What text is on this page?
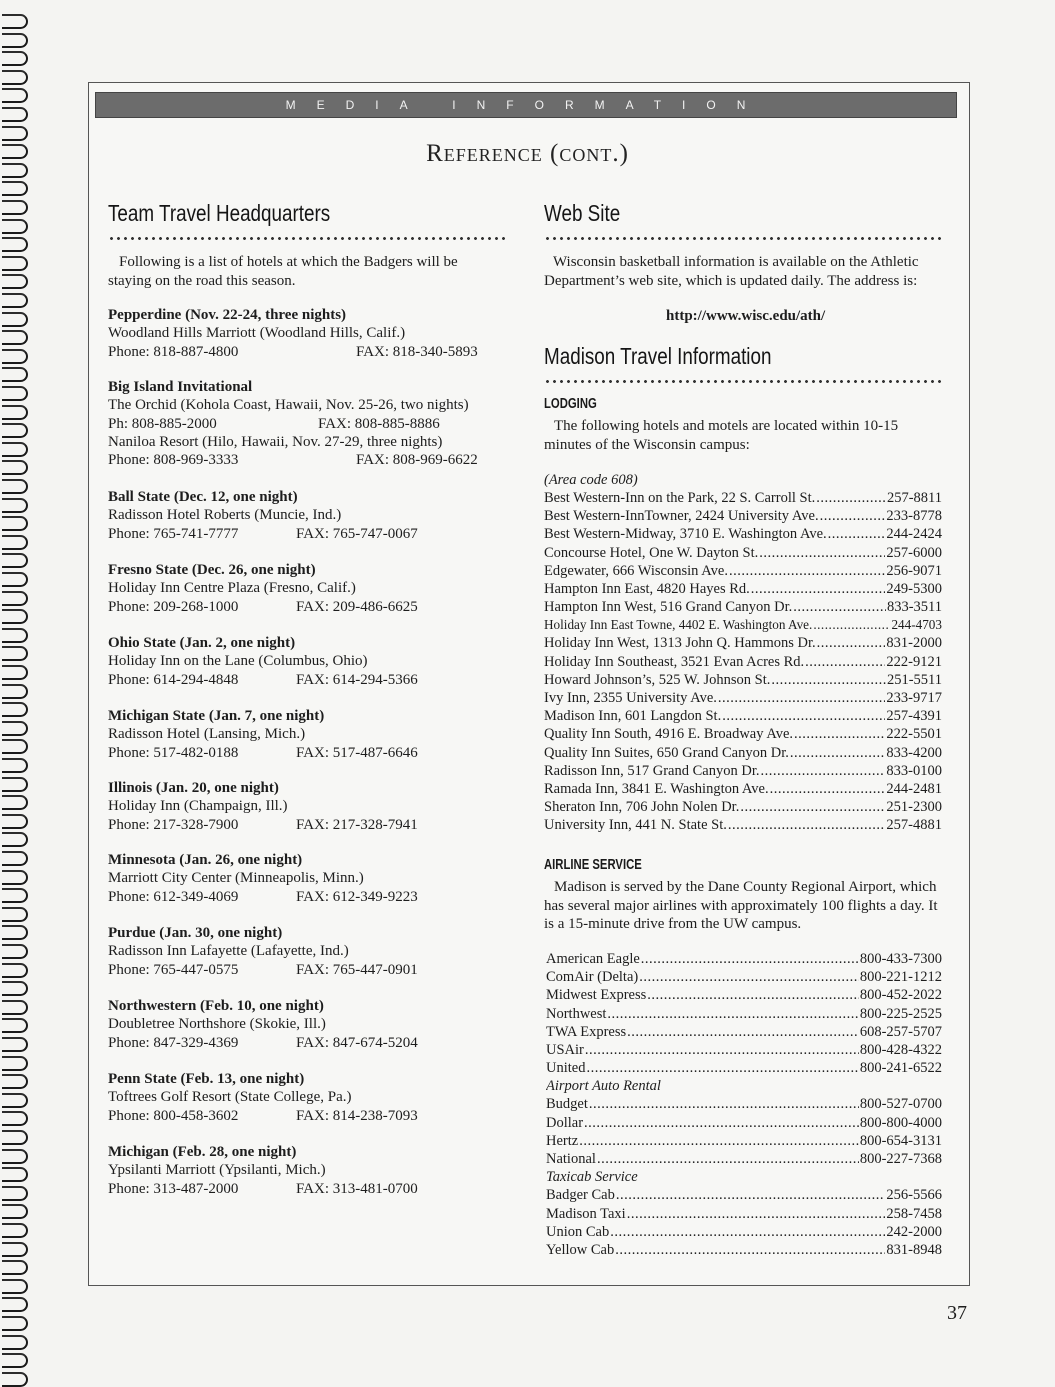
MEDIA INFORMATION
Reference (cont.)
Team Travel Headquarters
Following is a list of hotels at which the Badgers will be staying on the road this season.
Pepperdine (Nov. 22-24, three nights)
Woodland Hills Marriott (Woodland Hills, Calif.)
Phone: 818-887-4800	FAX: 818-340-5893
Big Island Invitational
The Orchid (Kohola Coast, Hawaii, Nov. 25-26, two nights)
Ph: 808-885-2000	FAX: 808-885-8886
Naniloa Resort (Hilo, Hawaii, Nov. 27-29, three nights)
Phone: 808-969-3333	FAX: 808-969-6622
Ball State (Dec. 12, one night)
Radisson Hotel Roberts (Muncie, Ind.)
Phone: 765-741-7777	FAX: 765-747-0067
Fresno State (Dec. 26, one night)
Holiday Inn Centre Plaza (Fresno, Calif.)
Phone: 209-268-1000	FAX: 209-486-6625
Ohio State (Jan. 2, one night)
Holiday Inn on the Lane (Columbus, Ohio)
Phone: 614-294-4848	FAX: 614-294-5366
Michigan State (Jan. 7, one night)
Radisson Hotel (Lansing, Mich.)
Phone: 517-482-0188	FAX: 517-487-6646
Illinois (Jan. 20, one night)
Holiday Inn (Champaign, Ill.)
Phone: 217-328-7900	FAX: 217-328-7941
Minnesota (Jan. 26, one night)
Marriott City Center (Minneapolis, Minn.)
Phone: 612-349-4069	FAX: 612-349-9223
Purdue (Jan. 30, one night)
Radisson Inn Lafayette (Lafayette, Ind.)
Phone: 765-447-0575	FAX: 765-447-0901
Northwestern (Feb. 10, one night)
Doubletree Northshore (Skokie, Ill.)
Phone: 847-329-4369	FAX: 847-674-5204
Penn State (Feb. 13, one night)
Toftrees Golf Resort (State College, Pa.)
Phone: 800-458-3602	FAX: 814-238-7093
Michigan (Feb. 28, one night)
Ypsilanti Marriott (Ypsilanti, Mich.)
Phone: 313-487-2000	FAX: 313-481-0700
Web Site
Wisconsin basketball information is available on the Athletic Department’s web site, which is updated daily. The address is:
http://www.wisc.edu/ath/
Madison Travel Information
LODGING
The following hotels and motels are located within 10-15 minutes of the Wisconsin campus:
(Area code 608)
Best Western-Inn on the Park, 22 S. Carroll St. .....	257-8811
Best Western-InnTowner, 2424 University Ave. .....	233-8778
Best Western-Midway, 3710 E. Washington Ave. .....	244-2424
Concourse Hotel, One W. Dayton St. .....	257-6000
Edgewater, 666 Wisconsin Ave. .....	256-9071
Hampton Inn East, 4820 Hayes Rd. .....	249-5300
Hampton Inn West, 516 Grand Canyon Dr. .....	833-3511
Holiday Inn East Towne, 4402 E. Washington Ave. .....	244-4703
Holiday Inn West, 1313 John Q. Hammons Dr. .....	831-2000
Holiday Inn Southeast, 3521 Evan Acres Rd. .....	222-9121
Howard Johnson’s, 525 W. Johnson St. .....	251-5511
Ivy Inn, 2355 University Ave. .....	233-9717
Madison Inn, 601 Langdon St. .....	257-4391
Quality Inn South, 4916 E. Broadway Ave. .....	222-5501
Quality Inn Suites, 650 Grand Canyon Dr. .....	833-4200
Radisson Inn, 517 Grand Canyon Dr. .....	833-0100
Ramada Inn, 3841 E. Washington Ave. .....	244-2481
Sheraton Inn, 706 John Nolen Dr. .....	251-2300
University Inn, 441 N. State St. .....	257-4881
AIRLINE SERVICE
Madison is served by the Dane County Regional Airport, which has several major airlines with approximately 100 flights a day. It is a 15-minute drive from the UW campus.
American Eagle .....	800-433-7300
ComAir (Delta) .....	800-221-1212
Midwest Express .....	800-452-2022
Northwest .....	800-225-2525
TWA Express .....	608-257-5707
USAir .....	800-428-4322
United .....	800-241-6522
Airport Auto Rental
Budget .....	800-527-0700
Dollar .....	800-800-4000
Hertz .....	800-654-3131
National .....	800-227-7368
Taxicab Service
Badger Cab .....	256-5566
Madison Taxi .....	258-7458
Union Cab .....	242-2000
Yellow Cab .....	831-8948
37
